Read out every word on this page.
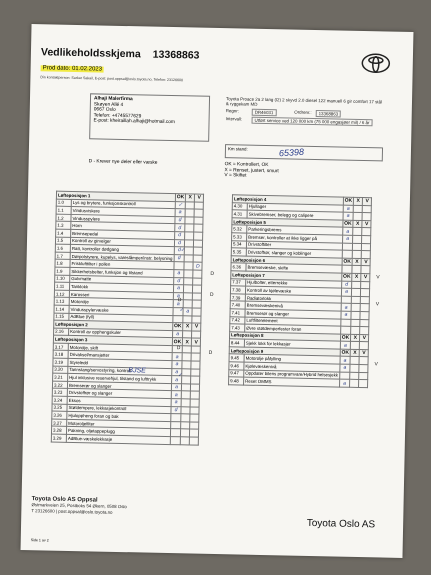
Vedlikeholdsskjema 13368863
Prod dato: 01.02.2023
Din kontaktperson: Sarkar Sakail, E-post: post.oppsal@oslo.toyota.no, Telefon: 23126600
Alhaji Malerfirma
Skøyen Allé 4
0667 Oslo
Telefon: +4745577629
E-post: kheiraillah.alhaji@hotmail.com
Toyota Proace 2a 2 lang (l2) 2 skyvd 2.0 diesel 122 manuell 6 gir comfort 17 stål & ryggekam MD
Regnr:	DR46031	Ordrenr.:	13368863
Intervall:	Utført service ved 120 000 km (75 000 engasjøer mil) / 6 år
Km stand:	65398
D - Krever nye deler eller væske	OK = Kontrollert, OK
X = Renset, justert, smurt
V = Skiftet
Løfteposisjon 1		OK	X	V
1.0	Lys og brytere, funksjonskontroll	✓		
1.1	Vindusviskere	a		
1.2	Vindusspylere	d		
1.3	Horn	d		
1.4	Bremsepedal	d		
1.5	Kontroll av girvelger	d		
1.6	Ratt, kontroller dødgang	d		
1.7	Dørpolstyrere, kupelys, vareslåmper/instr. belysning	d		
1.8	Frisklufttilter i pollen			D
1.9	Sikkerhetsbelter, funksjon og tilstand	a		
1.10	Gulvmatte	d		
1.11	Tanklokk	a		
1.12	Karosseri	a		
1.13	Motorolje	a		
1.14	Vindusspylervæske		a	
1.15	AdBlue (fyll)			
Løfteposisjon 2		OK	X	V
2.16	Kontroll av opphengskuler	a		
Løfteposisjon 3		OK	X	V
3.17	Motorolje, skift			
3.18	Drivaksel/mansjetter	a		
3.19	Styreledd	a		
3.20	Tannstang/servostyring, kontroll	a		
3.21	Hjul inklusive reservehjul, tilstand og lufttrykk	a		
3.22	Bremserør og slanger	a		
3.23	Drivstoffrør og slanger	a		
3.24	Eksos	a		
3.25	Støtdempere, lekkasjekontroll	d		
3.26	Hjuloppheng foran og bak			
3.27	Motoroljefilter			
3.28	Pakning, oljetappeplugg			
3.29	AdBlue-væskelekkasje			
Løfteposisjon 4		OK	X	V
4.30	Hjullager	a		
4.31	Skivebremser, belegg og calipere	a		
Løfteposisjon 5		OK	X	V
5.32	Parkeringsbrems	a		
5.33	Bremser, kontroller at ikke ligger på	a		
5.34	Drivstoffilter			
5.35	Drivstoffrør, slanger og koblinger			
Løfteposisjon 6		OK	X	V
6.36	Bremsevæske, skifte			
Løfteposisjon 7		OK	X	V
7.37	Hjulbolter, etterrekke	d		
7.38	Kontroll av kjølevæske	a		
7.39	Radiatorlokk			
7.40	Bremsevæskenivå	a		
7.41	Bremserør og slanger	a		
7.42	Luftfilterelement			
7.43	Øvre støtdemperfester foran			
Løfteposisjon 8		OK	X	V
8.44	Sjekk lokk for lekkasjer	a		
Løfteposisjon 9		OK	X	V
9.45	Motorolje påfylling	a		
9.46	Kjølevæskenivå	a		
9.47	Oppdater bilens programvare/Hybrid helsesjekk			
9.48	Reset OMMS	a		
BJSE
✓
✓
✓
D
D
D
D
D
V
V
V
Toyota Oslo AS Oppsal
Østmarkveien 25, Postboks 54 Økern, 0508 Oslo
T 23126600 | post.oppsal@oslo.toyota.no
Toyota Oslo AS
Side 1 av 2
